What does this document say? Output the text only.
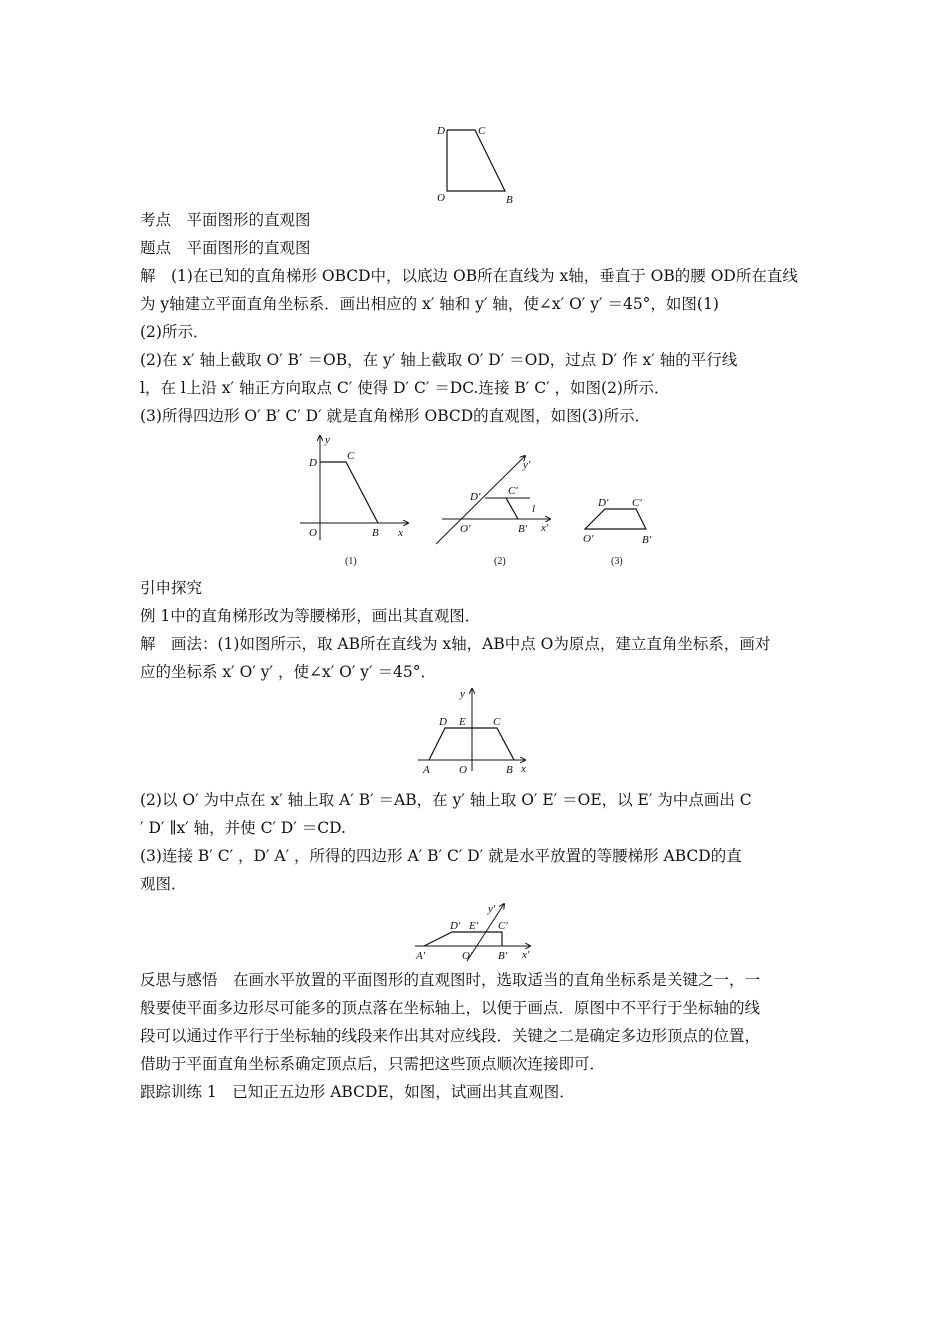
D	C
O	B
考点　平面图形的直观图
题点　平面图形的直观图
解　(1)在已知的直角梯形 OBCD中，以底边 OB所在直线为 x轴，垂直于 OB的腰 OD所在直线
为 y轴建立平面直角坐标系．画出相应的 x′ 轴和 y′ 轴，使∠x′ O′ y′ ＝45°，如图(1)
(2)所示．
(2)在 x′ 轴上截取 O′ B′ ＝OB，在 y′ 轴上截取 O′ D′ ＝OD，过点 D′ 作 x′ 轴的平行线
l，在 l上沿 x′ 轴正方向取点 C′ 使得 D′ C′ ＝DC.连接 B′ C′ ，如图(2)所示．
(3)所得四边形 O′ B′ C′ D′ 就是直角梯形 OBCD的直观图，如图(3)所示．
y
x
D
C
O	B
(1)
y′
x′
D′	C′
l
O′	B′
(2)
D′ C′
O′	B′
(3)
引申探究
例 1中的直角梯形改为等腰梯形，画出其直观图．
解　画法：(1)如图所示，取 AB所在直线为 x轴，AB中点 O为原点，建立直角坐标系，画对
应的坐标系 x′ O′ y′ ，使∠x′ O′ y′ ＝45°．
y
x
D E C
A	O	B
(2)以 O′ 为中点在 x′ 轴上取 A′ B′ ＝AB，在 y′ 轴上取 O′ E′ ＝OE，以 E′ 为中点画出 C
′ D′ ∥x′ 轴，并使 C′ D′ ＝CD.
(3)连接 B′ C′ ，D′ A′ ，所得的四边形 A′ B′ C′ D′ 就是水平放置的等腰梯形 ABCD的直
观图．
y′
x′
D′ E′ C′
A′	O′ B′
反思与感悟　在画水平放置的平面图形的直观图时，选取适当的直角坐标系是关键之一，一
般要使平面多边形尽可能多的顶点落在坐标轴上，以便于画点．原图中不平行于坐标轴的线
段可以通过作平行于坐标轴的线段来作出其对应线段．关键之二是确定多边形顶点的位置，
借助于平面直角坐标系确定顶点后，只需把这些顶点顺次连接即可．
跟踪训练 1　已知正五边形 ABCDE，如图，试画出其直观图．
